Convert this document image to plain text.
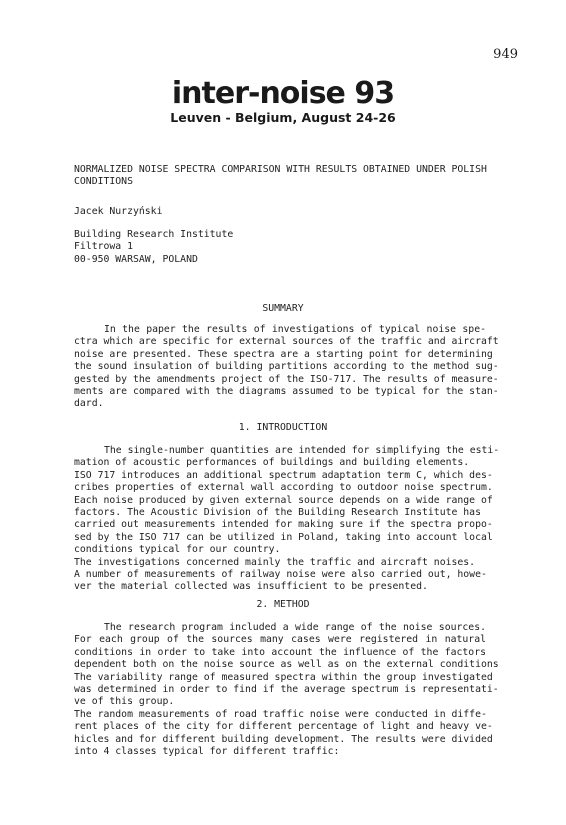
949
inter-noise 93
Leuven - Belgium, August 24-26
NORMALIZED NOISE SPECTRA COMPARISON WITH RESULTS OBTAINED UNDER POLISH
CONDITIONS
Jacek Nurzyński
Building Research Institute
Filtrowa 1
00-950 WARSAW, POLAND
SUMMARY
In the paper the results of investigations of typical noise spe-
ctra which are specific for external sources of the traffic and aircraft
noise are presented. These spectra are a starting point for determining
the sound insulation of building partitions according to the method sug-
gested by the amendments project of the ISO-717. The results of measure-
ments are compared with the diagrams assumed to be typical for the stan-
dard.
1. INTRODUCTION
The single-number quantities are intended for simplifying the esti-
mation of acoustic performances of buildings and building elements.
ISO 717 introduces an additional spectrum adaptation term C, which des-
cribes properties of external wall according to outdoor noise spectrum.
Each noise produced by given external source depends on a wide range of
factors. The Acoustic Division of the Building Research Institute has
carried out measurements intended for making sure if the spectra propo-
sed by the ISO 717 can be utilized in Poland, taking into account local
conditions typical for our country.
The investigations concerned mainly the traffic and aircraft noises.
A number of measurements of railway noise were also carried out, howe-
ver the material collected was insufficient to be presented.
2. METHOD
The research program included a wide range of the noise sources.
For each group of the sources many cases were registered in natural
conditions in order to take into account the influence of the factors
dependent both on the noise source as well as on the external conditions
The variability range of measured spectra within the group investigated
was determined in order to find if the average spectrum is representati-
ve of this group.
The random measurements of road traffic noise were conducted in diffe-
rent places of the city for different percentage of light and heavy ve-
hicles and for different building development. The results were divided
into 4 classes typical for different traffic:
